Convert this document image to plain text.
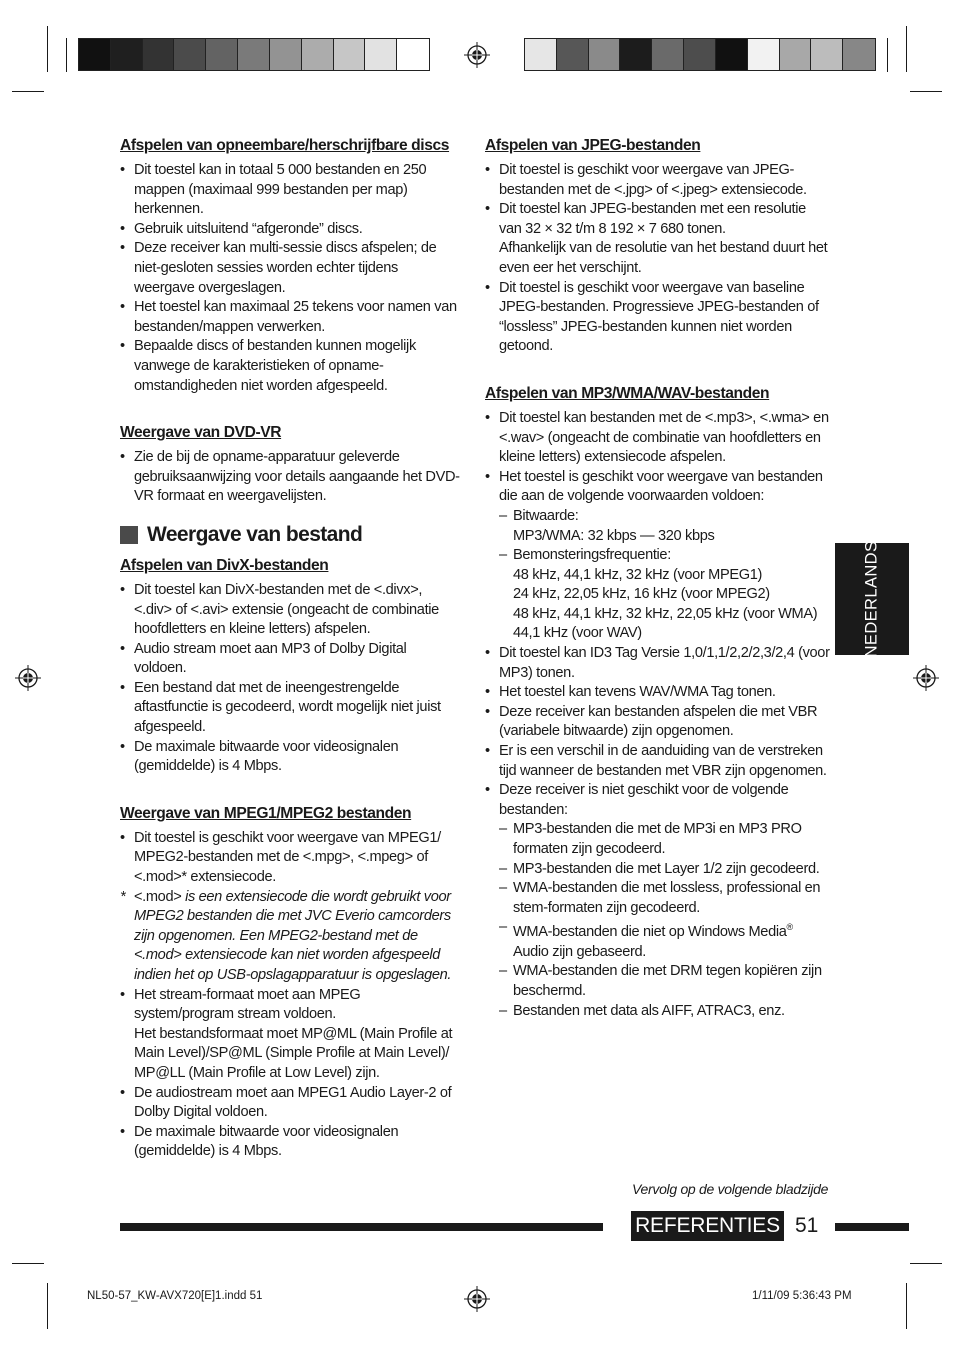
Afspelen van opneembare/herschrijfbare discs
• Dit toestel kan in totaal 5 000 bestanden en 250 mappen (maximaal 999 bestanden per map) herkennen.
• Gebruik uitsluitend “afgeronde” discs.
• Deze receiver kan multi-sessie discs afspelen; de niet-gesloten sessies worden echter tijdens weergave overgeslagen.
• Het toestel kan maximaal 25 tekens voor namen van bestanden/mappen verwerken.
• Bepaalde discs of bestanden kunnen mogelijk vanwege de karakteristieken of opname-omstandigheden niet worden afgespeeld.
Weergave van DVD-VR
• Zie de bij de opname-apparatuur geleverde gebruiksaanwijzing voor details aangaande het DVD-VR formaat en weergavelijsten.
Weergave van bestand
Afspelen van DivX-bestanden
• Dit toestel kan DivX-bestanden met de <.divx>, <.div> of <.avi> extensie (ongeacht de combinatie hoofdletters en kleine letters) afspelen.
• Audio stream moet aan MP3 of Dolby Digital voldoen.
• Een bestand dat met de ineengestrengelde aftastfunctie is gecodeerd, wordt mogelijk niet juist afgespeeld.
• De maximale bitwaarde voor videosignalen (gemiddelde) is 4 Mbps.
Weergave van MPEG1/MPEG2 bestanden
• Dit toestel is geschikt voor weergave van MPEG1/ MPEG2-bestanden met de <.mpg>, <.mpeg> of <.mod>* extensiecode.
* <.mod> is een extensiecode die wordt gebruikt voor MPEG2 bestanden die met JVC Everio camcorders zijn opgenomen. Een MPEG2-bestand met de <.mod> extensiecode kan niet worden afgespeeld indien het op USB-opslagapparatuur is opgeslagen.
• Het stream-formaat moet aan MPEG system/program stream voldoen.
Het bestandsformaat moet MP@ML (Main Profile at Main Level)/SP@ML (Simple Profile at Main Level)/ MP@LL (Main Profile at Low Level) zijn.
• De audiostream moet aan MPEG1 Audio Layer-2 of Dolby Digital voldoen.
• De maximale bitwaarde voor videosignalen (gemiddelde) is 4 Mbps.
Afspelen van JPEG-bestanden
• Dit toestel is geschikt voor weergave van JPEG-bestanden met de <.jpg> of <.jpeg> extensiecode.
• Dit toestel kan JPEG-bestanden met een resolutie van 32 × 32 t/m 8 192 × 7 680 tonen.
Afhankelijk van de resolutie van het bestand duurt het even eer het verschijnt.
• Dit toestel is geschikt voor weergave van baseline JPEG-bestanden. Progressieve JPEG-bestanden of “lossless” JPEG-bestanden kunnen niet worden getoond.
Afspelen van MP3/WMA/WAV-bestanden
• Dit toestel kan bestanden met de <.mp3>, <.wma> en <.wav> (ongeacht de combinatie van hoofdletters en kleine letters) extensiecode afspelen.
• Het toestel is geschikt voor weergave van bestanden die aan de volgende voorwaarden voldoen:
– Bitwaarde:
MP3/WMA: 32 kbps — 320 kbps
– Bemonsteringsfrequentie:
48 kHz, 44,1 kHz, 32 kHz (voor MPEG1)
24 kHz, 22,05 kHz, 16 kHz (voor MPEG2)
48 kHz, 44,1 kHz, 32 kHz, 22,05 kHz (voor WMA)
44,1 kHz (voor WAV)
• Dit toestel kan ID3 Tag Versie 1,0/1,1/2,2/2,3/2,4 (voor MP3) tonen.
• Het toestel kan tevens WAV/WMA Tag tonen.
• Deze receiver kan bestanden afspelen die met VBR (variabele bitwaarde) zijn opgenomen.
• Er is een verschil in de aanduiding van de verstreken tijd wanneer de bestanden met VBR zijn opgenomen.
• Deze receiver is niet geschikt voor de volgende bestanden:
– MP3-bestanden die met de MP3i en MP3 PRO formaten zijn gecodeerd.
– MP3-bestanden die met Layer 1/2 zijn gecodeerd.
– WMA-bestanden die met lossless, professional en stem-formaten zijn gecodeerd.
– WMA-bestanden die niet op Windows Media® Audio zijn gebaseerd.
– WMA-bestanden die met DRM tegen kopiëren zijn beschermd.
– Bestanden met data als AIFF, ATRAC3, enz.
NEDERLANDS
Vervolg op de volgende bladzijde
REFERENTIES 51
NL50-57_KW-AVX720[E]1.indd 51	1/11/09 5:36:43 PM
